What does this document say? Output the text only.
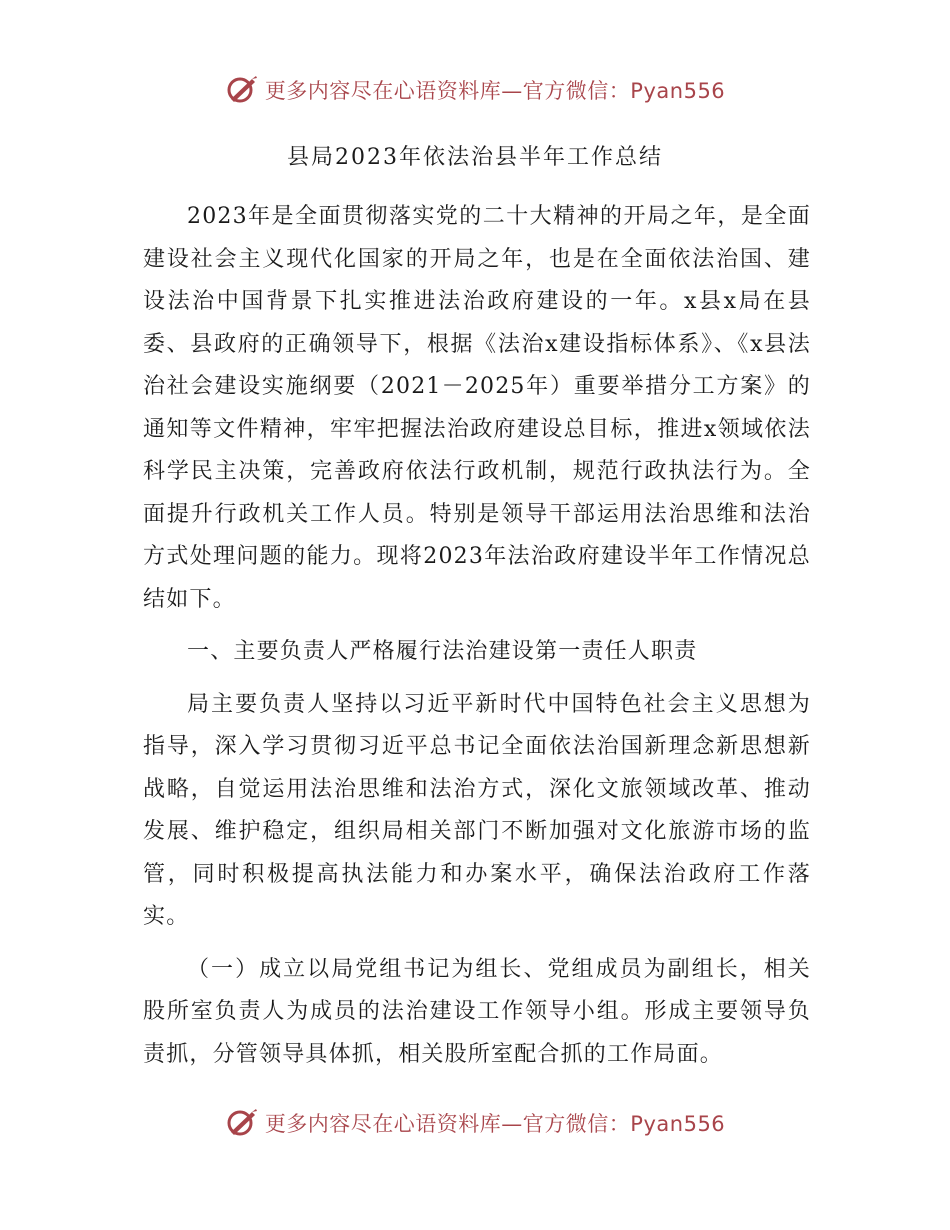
更多内容尽在心语资料库—官方微信：Pyan556
县局2023年依法治县半年工作总结

2023年是全面贯彻落实党的二十大精神的开局之年，是全面建设社会主义现代化国家的开局之年，也是在全面依法治国、建设法治中国背景下扎实推进法治政府建设的一年。x县x局在县委、县政府的正确领导下，根据《法治x建设指标体系》、《x县法治社会建设实施纲要（2021－2025年）重要举措分工方案》的通知等文件精神，牢牢把握法治政府建设总目标，推进x领域依法科学民主决策，完善政府依法行政机制，规范行政执法行为。全面提升行政机关工作人员。特别是领导干部运用法治思维和法治方式处理问题的能力。现将2023年法治政府建设半年工作情况总结如下。

一、主要负责人严格履行法治建设第一责任人职责

局主要负责人坚持以习近平新时代中国特色社会主义思想为指导，深入学习贯彻习近平总书记全面依法治国新理念新思想新战略，自觉运用法治思维和法治方式，深化文旅领域改革、推动发展、维护稳定，组织局相关部门不断加强对文化旅游市场的监管，同时积极提高执法能力和办案水平，确保法治政府工作落实。

（一）成立以局党组书记为组长、党组成员为副组长，相关股所室负责人为成员的法治建设工作领导小组。形成主要领导负责抓，分管领导具体抓，相关股所室配合抓的工作局面。

更多内容尽在心语资料库—官方微信：Pyan556
